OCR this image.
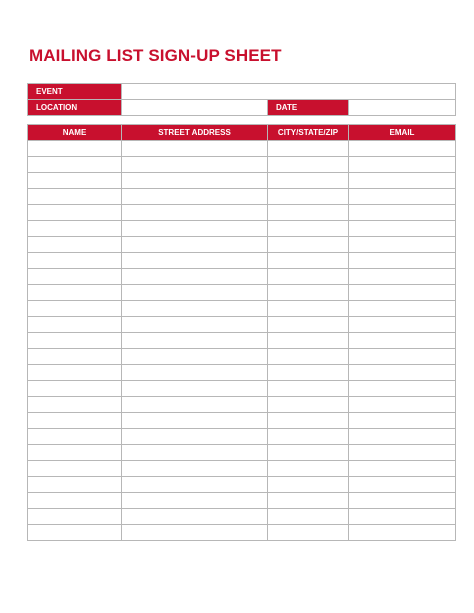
MAILING LIST SIGN-UP SHEET
EVENT			
LOCATION		DATE	
NAME	STREET ADDRESS	CITY/STATE/ZIP	EMAIL
